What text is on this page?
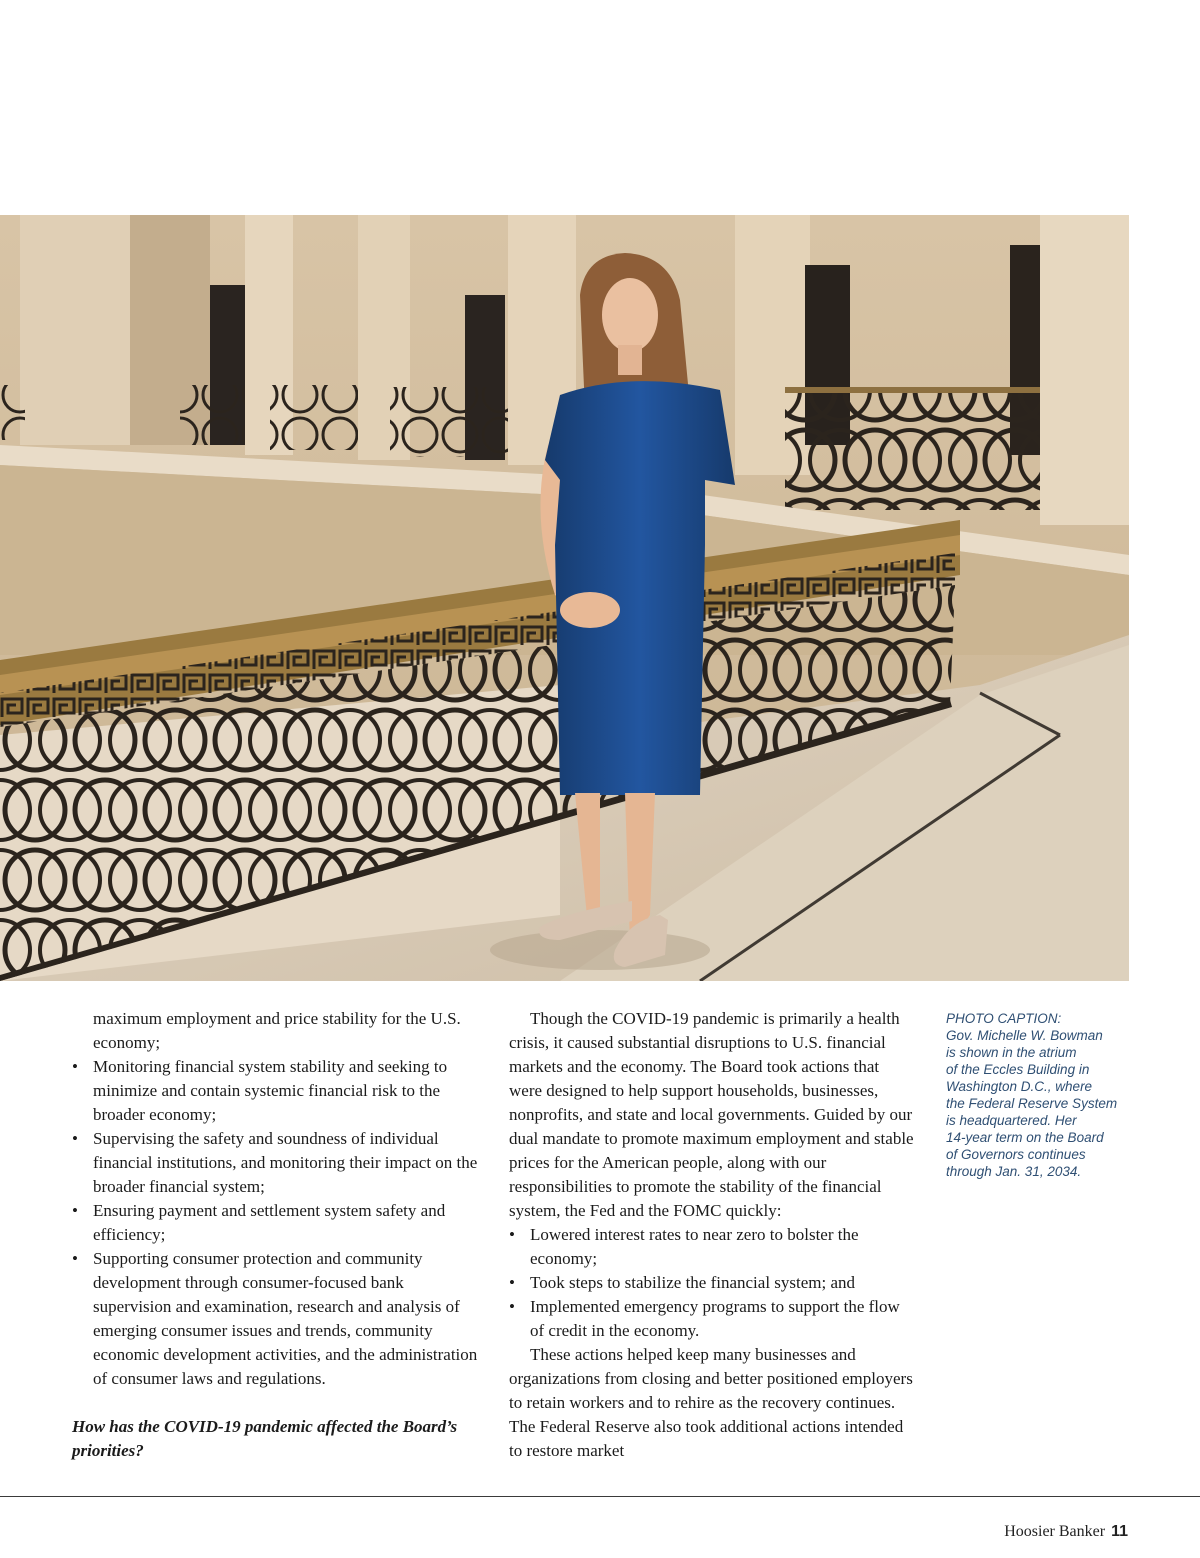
maximum employment and price stability for the U.S. economy;

• Monitoring financial system stability and seeking to minimize and contain systemic financial risk to the broader economy;
• Supervising the safety and soundness of individual financial institutions, and monitoring their impact on the broader financial system;
• Ensuring payment and settlement system safety and efficiency;
• Supporting consumer protection and community development through consumer-focused bank supervision and examination, research and analysis of emerging consumer issues and trends, community economic development activities, and the administration of consumer laws and regulations.

How has the COVID-19 pandemic affected the Board’s priorities?

Though the COVID-19 pandemic is primarily a health crisis, it caused substantial disruptions to U.S. financial markets and the economy. The Board took actions that were designed to help support households, businesses, nonprofits, and state and local governments. Guided by our dual mandate to promote maximum employment and stable prices for the American people, along with our responsibilities to promote the stability of the financial system, the Fed and the FOMC quickly:

• Lowered interest rates to near zero to bolster the economy;
• Took steps to stabilize the financial system; and
• Implemented emergency programs to support the flow of credit in the economy.

These actions helped keep many businesses and organizations from closing and better positioned employers to retain workers and to rehire as the recovery continues. The Federal Reserve also took additional actions intended to restore market

PHOTO CAPTION:
Gov. Michelle W. Bowman
is shown in the atrium
of the Eccles Building in
Washington D.C., where
the Federal Reserve System
is headquartered. Her
14-year term on the Board
of Governors continues
through Jan. 31, 2034.
Hoosier Banker 11
